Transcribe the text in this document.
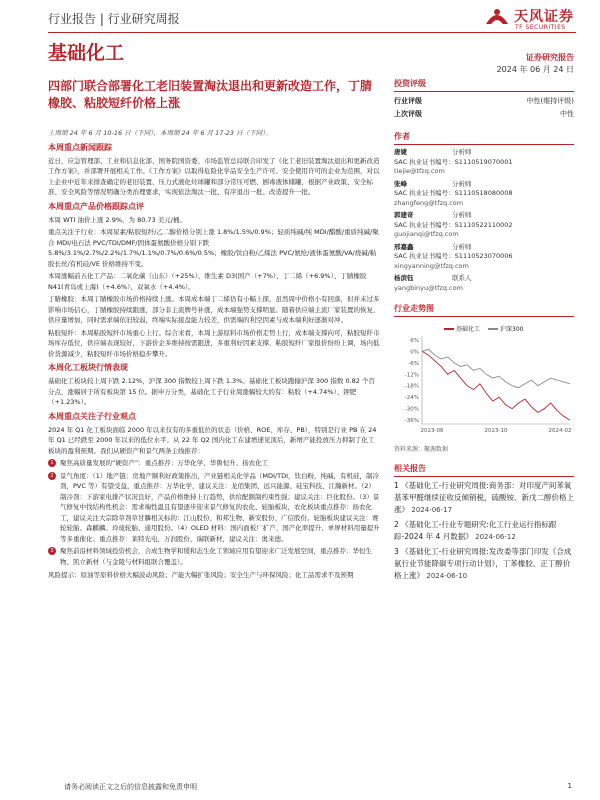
行业报告 | 行业研究周报	天风证券
TF SECURITIES
基础化工	证券研究报告
2024 年 06 月 24 日
四部门联合部署化工老旧装置淘汰退出和更新改造工作，丁腈橡胶、粘胶短纤价格上涨

上周期 24 年 6 月 10-16 日（下同），本周期 24 年 6 月 17-23 日（下同）。

本周重点新闻跟踪

近日，应急管理部、工业和信息化部、国务院国资委、市场监管总局联合印发了《化工老旧装置淘汰退出和更新改造工作方案》，并部署开展相关工作。《工作方案》以取得危险化学品安全生产许可、安全使用许可的企业为范围，对以上企业中近年来排查确定的老旧装置、压力式液化烃球罐和部分常压可燃、剧毒液体储罐，根据产业政策、安全标准、安全风险等情况明确分类治理要求，实现依法淘汰一批、有序退出一批、改造提升一批。

本周重点产品价格跟踪点评

本周 WTI 油价上涨 2.9%，为 80.73 美元/桶。

重点关注子行业：本周尿素/粘胶短纤/乙二醇价格分别上涨 1.8%/1.5%/0.9%；轻质纯碱/纯 MDI/醋酸/重质纯碱/聚合 MDI/电石法 PVC/TDI/DMF/固体蛋氨酸价格分别下跌 5.8%/3.1%/2.7%/2.2%/1.7%/1.1%/0.7%/0.6%/0.5%；橡胶/钛白粉/乙烯法 PVC/氨纶/液体蛋氨酸/VA/烧碱/粘胶长丝/有机硅/VE 价格维持不变。

本周涨幅前五化工产品：二氧化碳（山东）（+25%）、维生素 D3(国产（+7%）、丁二烯（+6.9%）、丁腈橡胶 N41(青岛或上海)（+4.6%）、双氧水（+4.4%）。

丁腈橡胶：本周丁腈橡胶市场价格持续上涨。本周成本端丁二烯仍有小幅上探，虽然周中价格小有回落，但并未过多影响市场信心，丁腈橡胶持续跟涨，部分非主流牌号补涨，成本端强势支撑明显。随着供应端主流厂家装置的恢复，供应量增加，同时需求端依旧较弱，终端实际接盘能力较差，供需端的利空因素与成本端利好逐渐对冲。

粘胶短纤：本周粘胶短纤市场重心上行。综合来看，本周上游原料市场价格走势上行，成本端支撑向可，粘胶短纤市场库存低位，供应端表现较好，下游价企多维持按需跟进，多重利好因素支撑，粘胶短纤厂家报价纷纷上调，场内低价货源减少，粘胶短纤市场价格稳步攀升。

本周化工板块行情表现

基础化工板块较上周下跌 2.12%，沪深 300 指数较上周下跌 1.3%。基础化工板块跑输沪深 300 指数 0.82 个百分点，涨幅居于所有板块第 15 位。据申万分类，基础化工子行业周涨幅较大的有：粘胶（+4.74%）、钾肥（+1.23%）。

本周重点关注子行业观点

2024 年 Q1 化工板块面临 2000 年以来仅有的多重低位的状态（价格、ROE、库存、PB），特别是行业 PB 在 24 年 Q1 已经跌至 2000 年以来的低位水平。从 22 年 Q2 国内化工在建增速见顶后，新增产能投放压力抑制了化工板块的盈利预期。我们从硬资产和景气两条主线推荐：

1 聚焦高质量发展的“硬资产”：重点推荐：万华化学、华鲁恒升、扬农化工
2 景气角度：（1）地产链：房地产顺利好政策推出，产业链相关化学品（MDI/TDI，钛白粉，纯碱，有机硅，制冷剂，PVC 等）有望受益，重点推荐：万华化学，建议关注：龙佰集团、远兴能源、硅宝科技、江瀚新材。（2）制冷剂：下游家电排产状况良好，产品价格维持上行趋势，供给配额制约束性强；建议关注：巨化股份。（3）景气修复中找结构性机会：需求端性温且有望逐步迎来景气修复的农化、轮胎板块，农化板块重点推荐：扬农化工，建议关注大宗除草剂草甘膦相关标的：江山股份、和邦生物、新安股份、广信股份。轮胎板块建议关注：赛轮轮胎、森麒麟、玲珑轮胎、通用股份。（4）OLED 材料：国内面板厂扩产、国产化率提升、单屏材料用量提升等多重催化；重点推荐：莱特光电，万润股份，瑞联新材，建议关注：奥来德。
3 聚焦前沿材料领域投资机会，合成生物学和缓和态生化工领域应用有望迎来广泛发展空间，重点推荐：华恒生物、凯立新材（与金陵与材料组联合覆盖）。

风险提示：原油等原料价格大幅波动风险；产能大幅扩张风险；安全生产与环保风险；化工品需求不及预期

投资评级
行业评级	中性(维持评级)
上次评级	中性
作者
唐婕	分析师
SAC 执业证书编号：S1110519070001
tiejie@tfzq.com
张峰	分析师
SAC 执业证书编号：S1110518080008
zhangfeng@tfzq.com
郭建奇	分析师
SAC 执业证书编号：S1110522110002
guojianqi@tfzq.com
邢嘉鑫	分析师
SAC 执业证书编号：S1110523070006
xingyanning@tfzq.com
杨滨钰	联系人
yangbinyu@tfzq.com
行业走势图
基础化工	沪深300
6%
0%
-6%
-12%
-18%
-24%
-30%
-36%
2023-06	2023-10	2024-02
资料来源：聚源数据
相关报告
1 《基础化工-行业研究周报:商务部：对印度产间苯氧基苯甲醛继续征收反倾销税，硫酸铵、新戊二醇价格上涨》 2024-06-17
2 《基础化工-行业专题研究:化工行业运行指标跟踪-2024 年 4 月数据》 2024-06-12
3 《基础化工-行业研究周报:发改委等部门印发《合成氨行业节能降碳专项行动计划》，丁苯橡胶、正丁醇价格上涨》 2024-06-10
请务必阅读正文之后的信息披露和免责申明	1
